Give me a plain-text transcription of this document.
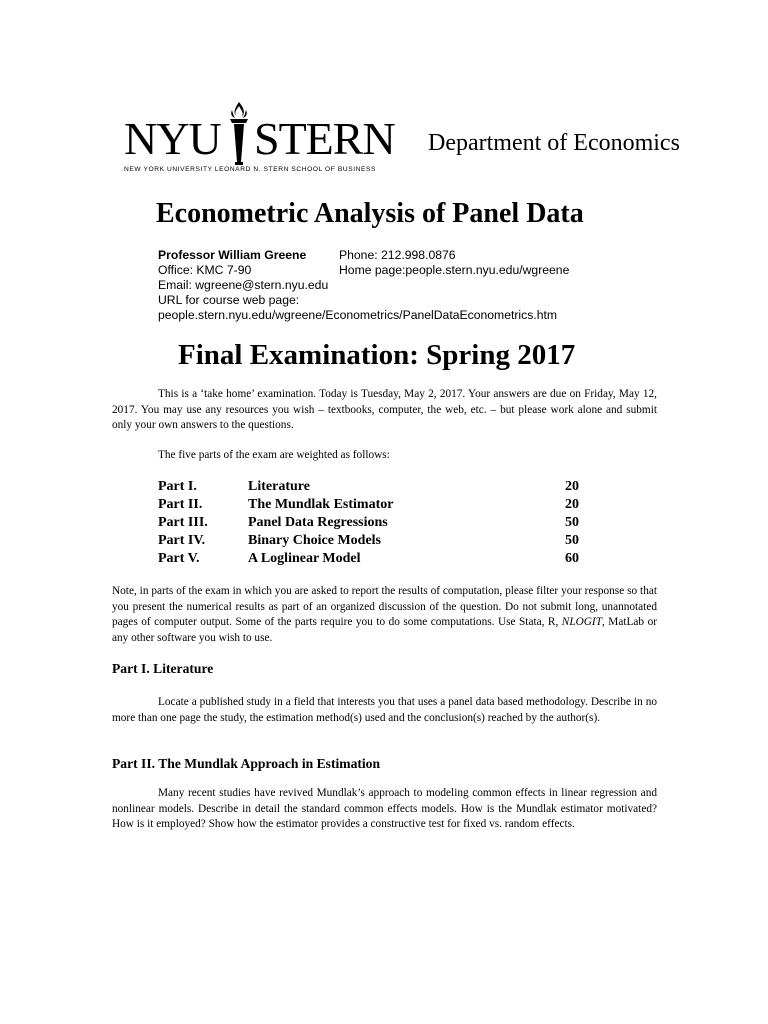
NYU STERN
NEW YORK UNIVERSITY LEONARD N. STERN SCHOOL OF BUSINESS
Department of Economics
Econometric Analysis of Panel Data
Professor William Greene	Phone: 212.998.0876
Office: KMC 7-90	Home page:people.stern.nyu.edu/wgreene
Email: wgreene@stern.nyu.edu
URL for course web page:
people.stern.nyu.edu/wgreene/Econometrics/PanelDataEconometrics.htm
Final Examination: Spring 2017
This is a ‘take home’ examination. Today is Tuesday, May 2, 2017. Your answers are due on Friday, May 12, 2017. You may use any resources you wish – textbooks, computer, the web, etc. – but please work alone and submit only your own answers to the questions.
The five parts of the exam are weighted as follows:
Part I.	Literature	20
Part II.	The Mundlak Estimator	20
Part III.	Panel Data Regressions	50
Part IV.	Binary Choice Models	50
Part V.	A Loglinear Model	60
Note, in parts of the exam in which you are asked to report the results of computation, please filter your response so that you present the numerical results as part of an organized discussion of the question. Do not submit long, unannotated pages of computer output. Some of the parts require you to do some computations. Use Stata, R, NLOGIT, MatLab or any other software you wish to use.
Part I. Literature
Locate a published study in a field that interests you that uses a panel data based methodology. Describe in no more than one page the study, the estimation method(s) used and the conclusion(s) reached by the author(s).
Part II. The Mundlak Approach in Estimation
Many recent studies have revived Mundlak’s approach to modeling common effects in linear regression and nonlinear models. Describe in detail the standard common effects models. How is the Mundlak estimator motivated? How is it employed? Show how the estimator provides a constructive test for fixed vs. random effects.
